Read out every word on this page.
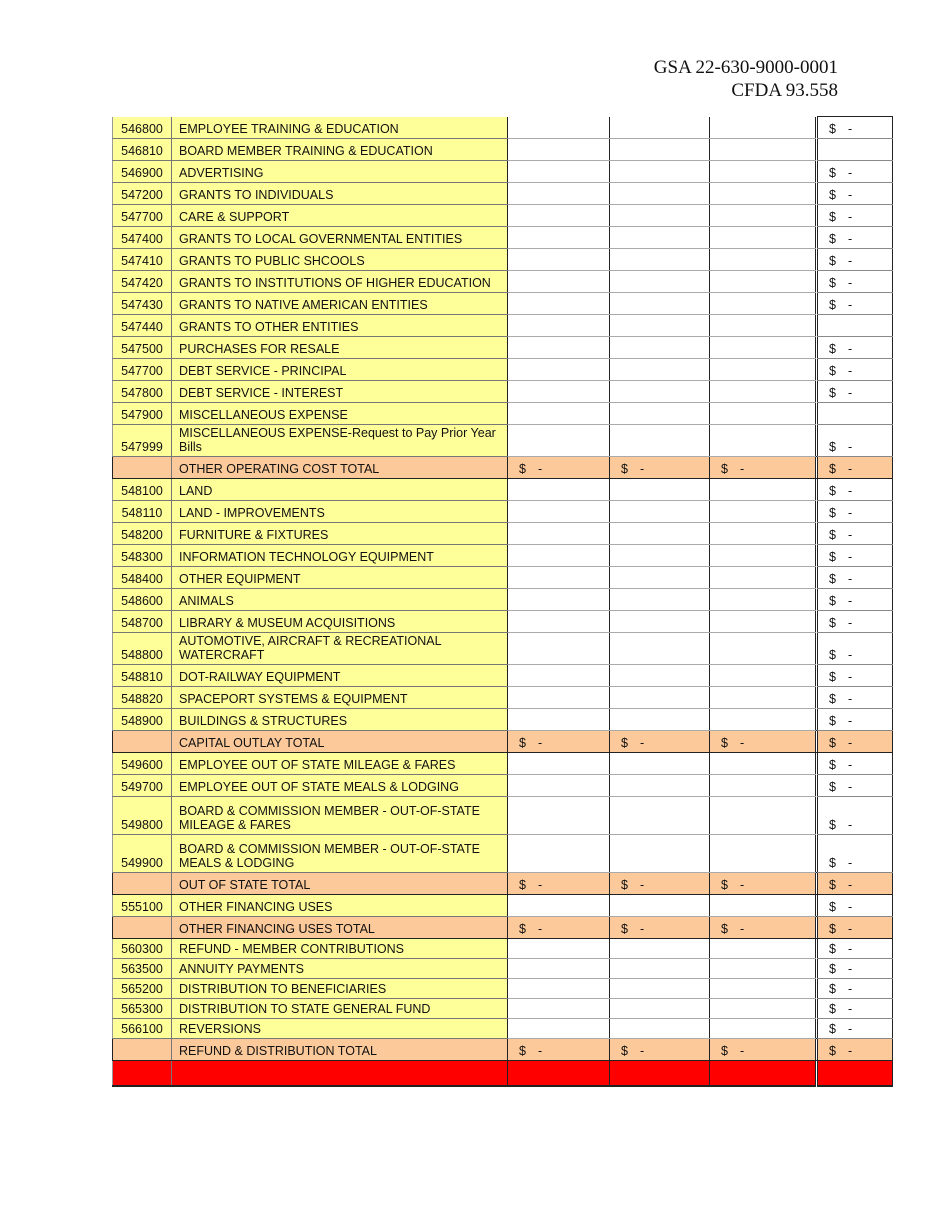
GSA 22-630-9000-0001
CFDA 93.558
546800	EMPLOYEE TRAINING & EDUCATION					$ -
546810	BOARD MEMBER TRAINING & EDUCATION					
546900	ADVERTISING					$ -
547200	GRANTS TO INDIVIDUALS					$ -
547700	CARE & SUPPORT					$ -
547400	GRANTS TO LOCAL GOVERNMENTAL ENTITIES					$ -
547410	GRANTS TO PUBLIC SHCOOLS					$ -
547420	GRANTS TO INSTITUTIONS OF HIGHER EDUCATION					$ -
547430	GRANTS TO NATIVE AMERICAN ENTITIES					$ -
547440	GRANTS TO OTHER ENTITIES					
547500	PURCHASES FOR RESALE					$ -
547700	DEBT SERVICE - PRINCIPAL					$ -
547800	DEBT SERVICE - INTEREST					$ -
547900	MISCELLANEOUS EXPENSE					
547999	MISCELLANEOUS EXPENSE-Request to Pay Prior Year Bills					$ -
	OTHER OPERATING COST TOTAL	$ -	$ -	$ -		$ -
548100	LAND					$ -
548110	LAND - IMPROVEMENTS					$ -
548200	FURNITURE & FIXTURES					$ -
548300	INFORMATION TECHNOLOGY EQUIPMENT					$ -
548400	OTHER EQUIPMENT					$ -
548600	ANIMALS					$ -
548700	LIBRARY & MUSEUM ACQUISITIONS					$ -
548800	AUTOMOTIVE, AIRCRAFT & RECREATIONAL WATERCRAFT					$ -
548810	DOT-RAILWAY EQUIPMENT					$ -
548820	SPACEPORT SYSTEMS & EQUIPMENT					$ -
548900	BUILDINGS & STRUCTURES					$ -
	CAPITAL OUTLAY TOTAL	$ -	$ -	$ -		$ -
549600	EMPLOYEE OUT OF STATE MILEAGE & FARES					$ -
549700	EMPLOYEE OUT OF STATE MEALS & LODGING					$ -
549800	BOARD & COMMISSION MEMBER - OUT-OF-STATE MILEAGE & FARES					$ -
549900	BOARD & COMMISSION MEMBER - OUT-OF-STATE MEALS & LODGING					$ -
	OUT OF STATE TOTAL	$ -	$ -	$ -		$ -
555100	OTHER FINANCING USES					$ -
	OTHER FINANCING USES TOTAL	$ -	$ -	$ -		$ -
560300	REFUND - MEMBER CONTRIBUTIONS					$ -
563500	ANNUITY PAYMENTS					$ -
565200	DISTRIBUTION TO BENEFICIARIES					$ -
565300	DISTRIBUTION TO STATE GENERAL FUND					$ -
566100	REVERSIONS					$ -
	REFUND & DISTRIBUTION TOTAL	$ -	$ -	$ -		$ -
